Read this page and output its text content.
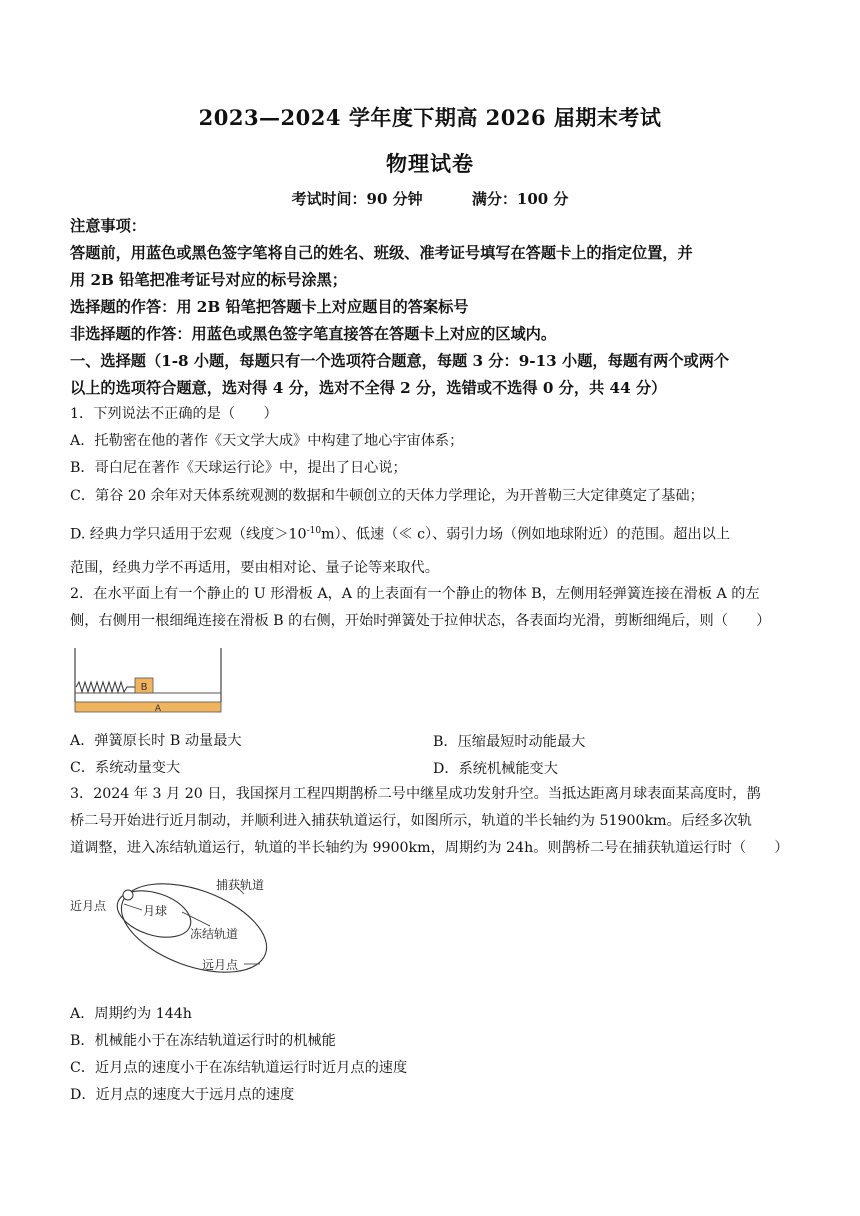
2023—2024 学年度下期高 2026 届期末考试
物理试卷
考试时间：90 分钟	满分：100 分
注意事项：
答题前，用蓝色或黑色签字笔将自己的姓名、班级、准考证号填写在答题卡上的指定位置，并
用 2B 铅笔把准考证号对应的标号涂黑；
选择题的作答：用 2B 铅笔把答题卡上对应题目的答案标号
非选择题的作答：用蓝色或黑色签字笔直接答在答题卡上对应的区域内。
一、选择题（1-8 小题，每题只有一个选项符合题意，每题 3 分：9-13 小题，每题有两个或两个
以上的选项符合题意，选对得 4 分，选对不全得 2 分，选错或不选得 0 分，共 44 分）
1．下列说法不正确的是（　　）
A．托勒密在他的著作《天文学大成》中构建了地心宇宙体系；
B．哥白尼在著作《天球运行论》中，提出了日心说；
C．第谷 20 余年对天体系统观测的数据和牛顿创立的天体力学理论，为开普勒三大定律奠定了基础；
D. 经典力学只适用于宏观（线度$>10^{-10}m$）、低速（≪ c）、弱引力场（例如地球附近）的范围。超出以上
范围，经典力学不再适用，要由相对论、量子论等来取代。
2．在水平面上有一个静止的 U 形滑板 A，A 的上表面有一个静止的物体 B，左侧用轻弹簧连接在滑板 A 的左
侧，右侧用一根细绳连接在滑板 B 的右侧，开始时弹簧处于拉伸状态，各表面均光滑，剪断细绳后，则（　　）
B
A
A．弹簧原长时 B 动量最大	B．压缩最短时动能最大
C．系统动量变大	D．系统机械能变大
3．2024 年 3 月 20 日，我国探月工程四期鹊桥二号中继星成功发射升空。当抵达距离月球表面某高度时，鹊
桥二号开始进行近月制动，并顺利进入捕获轨道运行，如图所示，轨道的半长轴约为 51900km。后经多次轨
道调整，进入冻结轨道运行，轨道的半长轴约为 9900km，周期约为 24h。则鹊桥二号在捕获轨道运行时（　　）
近月点	月球
捕获轨道
冻结轨道
远月点
A．周期约为 144h
B．机械能小于在冻结轨道运行时的机械能
C．近月点的速度小于在冻结轨道运行时近月点的速度
D．近月点的速度大于远月点的速度
